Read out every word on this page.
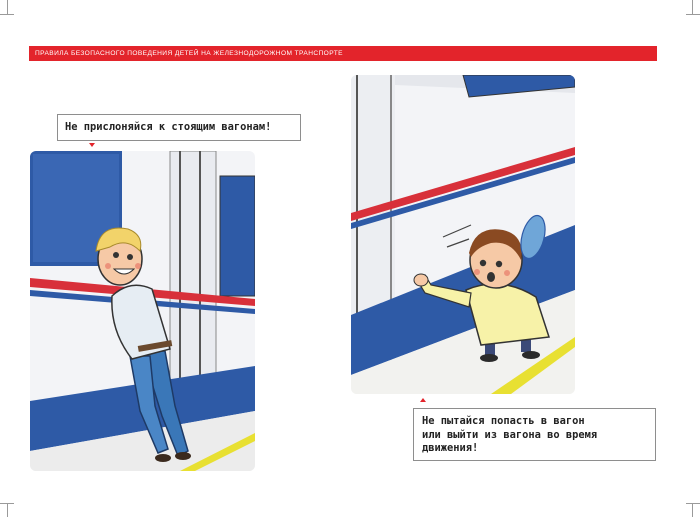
ПРАВИЛА БЕЗОПАСНОГО ПОВЕДЕНИЯ ДЕТЕЙ НА ЖЕЛЕЗНОДОРОЖНОМ ТРАНСПОРТЕ
Не прислоняйся к стоящим вагонам!
Не пытайся попасть в вагон
или выйти из вагона во время
движения!
